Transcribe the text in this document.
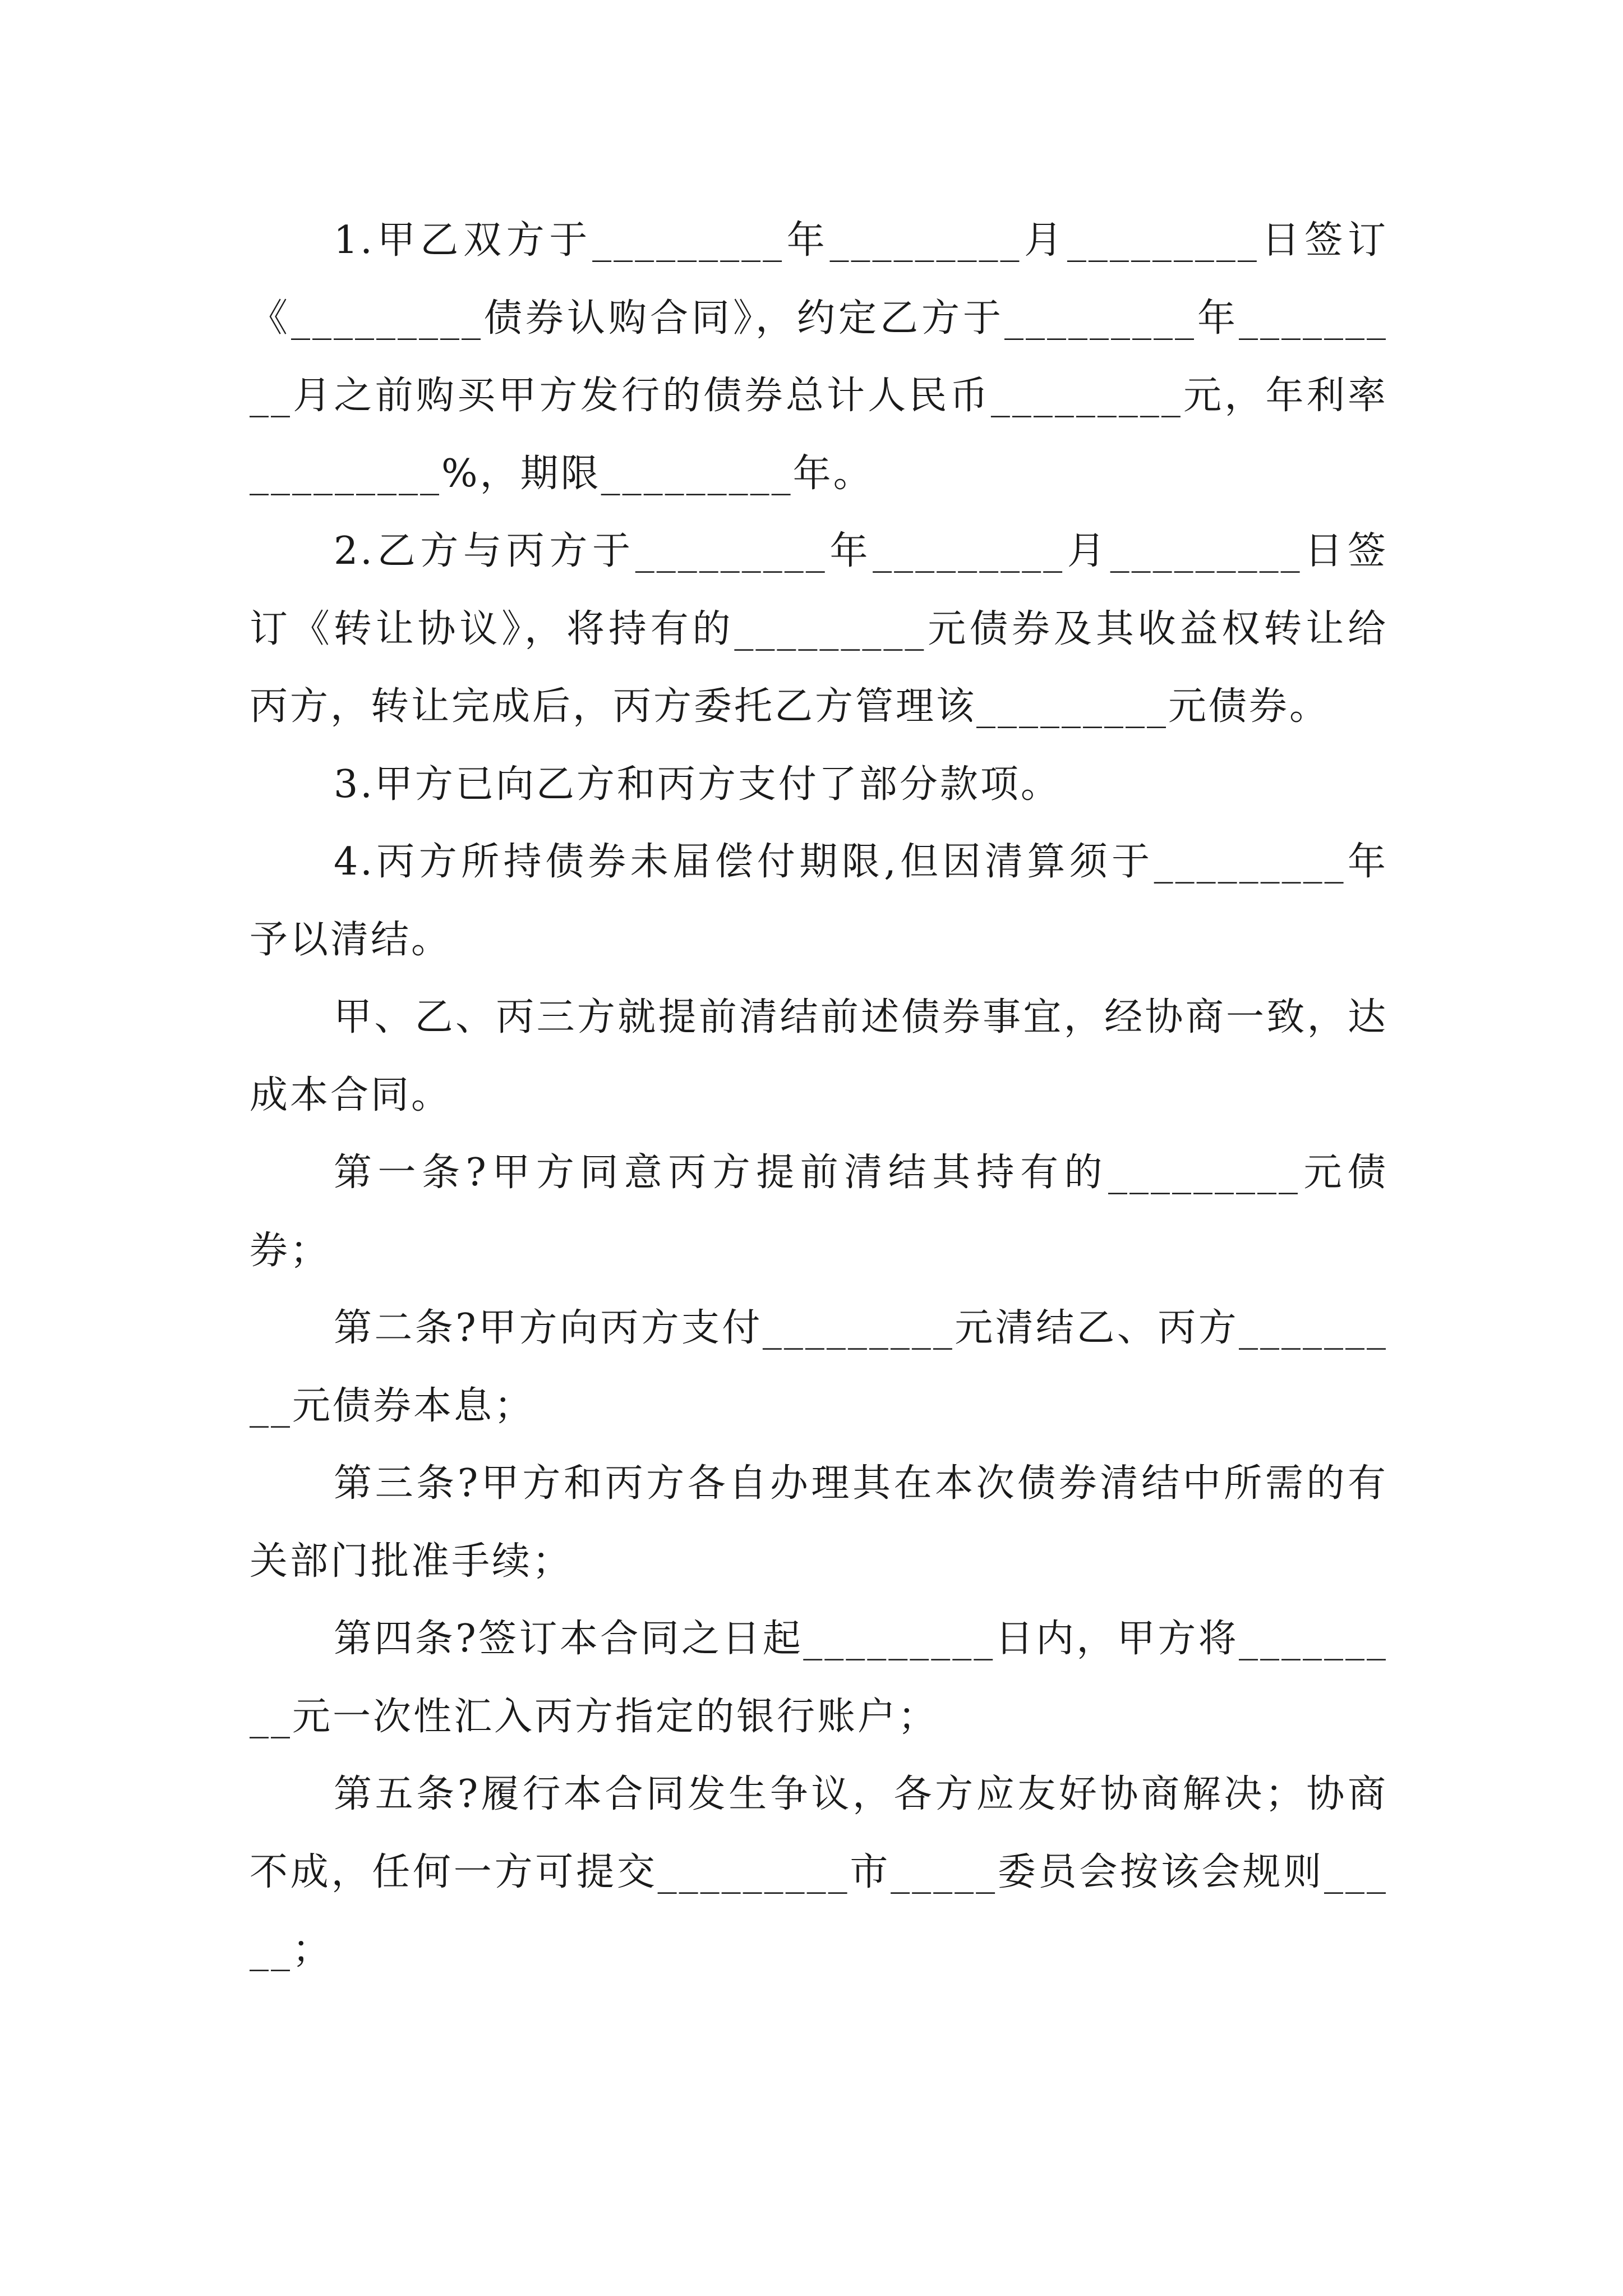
1.甲乙双方于_________年_________月_________日签订《_________债券认购合同》，约定乙方于_________年_________月之前购买甲方发行的债券总计人民币_________元，年利率_________%，期限_________年。

2.乙方与丙方于_________年_________月_________日签订《转让协议》，将持有的_________元债券及其收益权转让给丙方，转让完成后，丙方委托乙方管理该_________元债券。

3.甲方已向乙方和丙方支付了部分款项。

4.丙方所持债券未届偿付期限,但因清算须于_________年予以清结。

甲、乙、丙三方就提前清结前述债券事宜，经协商一致，达成本合同。

第一条?甲方同意丙方提前清结其持有的_________元债券；

第二条?甲方向丙方支付_________元清结乙、丙方_________元债券本息；

第三条?甲方和丙方各自办理其在本次债券清结中所需的有关部门批准手续；

第四条?签订本合同之日起_________日内，甲方将_________元一次性汇入丙方指定的银行账户；

第五条?履行本合同发生争议，各方应友好协商解决；协商不成，任何一方可提交_________市_____委员会按该会规则_____；
